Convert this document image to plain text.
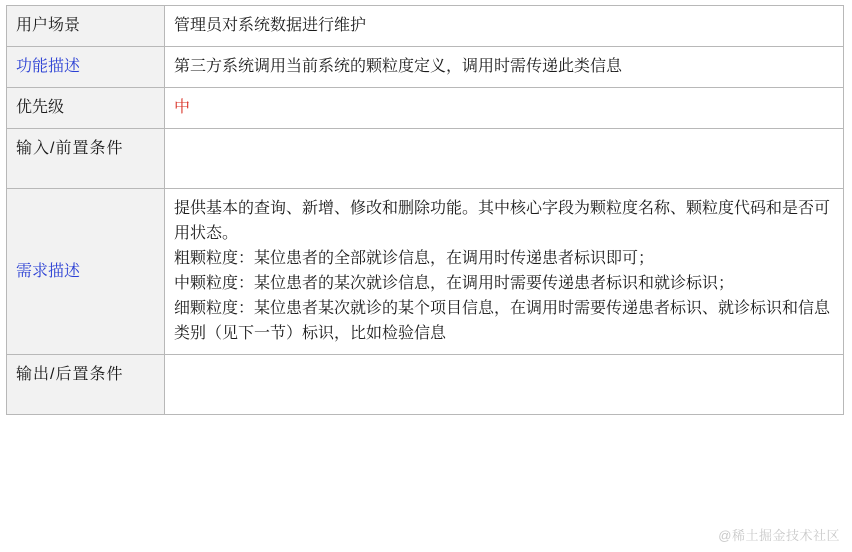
用户场景	管理员对系统数据进行维护

功能描述	第三方系统调用当前系统的颗粒度定义，调用时需传递此类信息

优先级	中

输入/前置条件	

需求描述	提供基本的查询、新增、修改和删除功能。其中核心字段为颗粒度名称、颗粒度代码和是否可用状态。

粗颗粒度：某位患者的全部就诊信息，在调用时传递患者标识即可；

中颗粒度：某位患者的某次就诊信息，在调用时需要传递患者标识和就诊标识；

细颗粒度：某位患者某次就诊的某个项目信息，在调用时需要传递患者标识、就诊标识和信息类别（见下一节）标识，比如检验信息

输出/后置条件	

@稀土掘金技术社区
